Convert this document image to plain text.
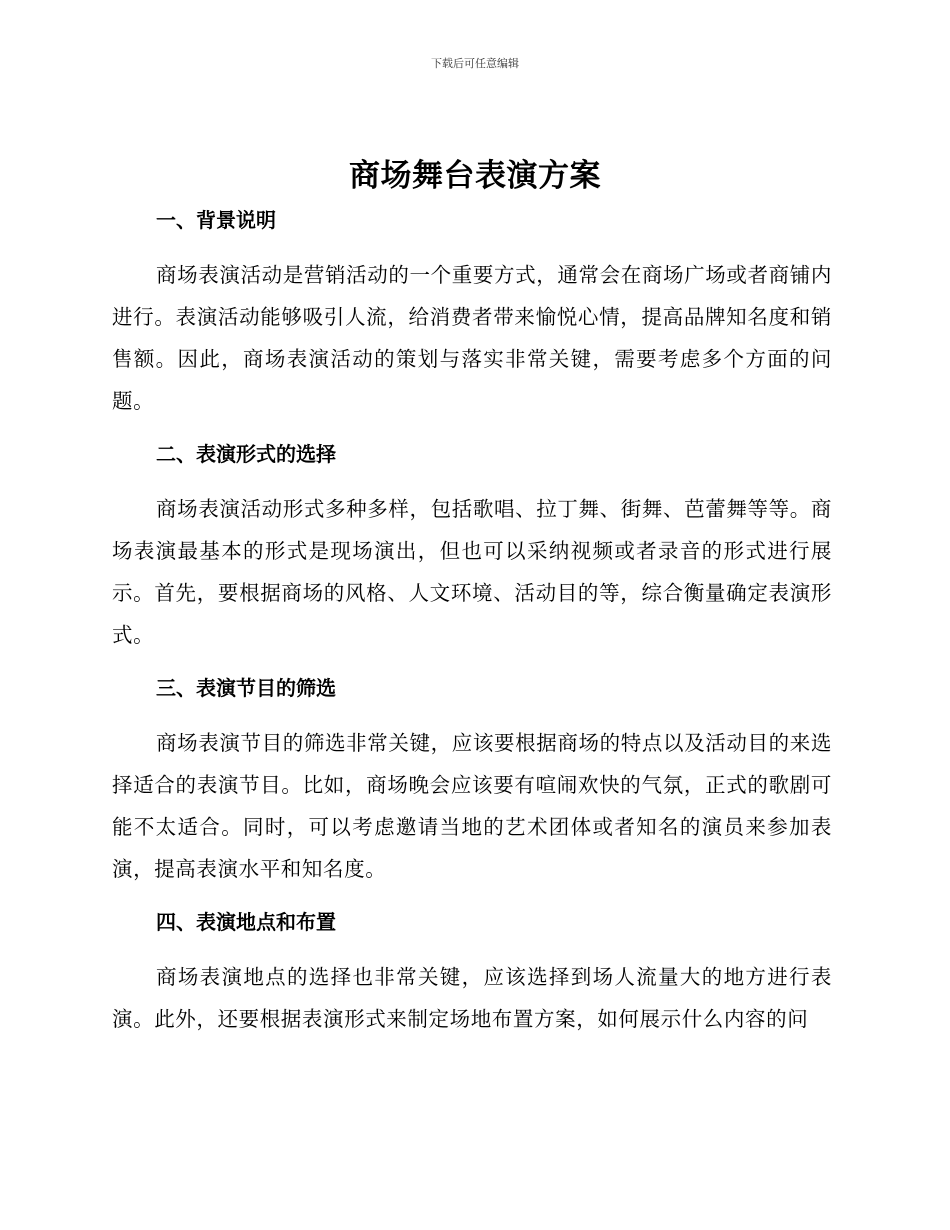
下载后可任意编辑
商场舞台表演方案
一、背景说明

商场表演活动是营销活动的一个重要方式，通常会在商场广场或者商铺内进行。表演活动能够吸引人流，给消费者带来愉悦心情，提高品牌知名度和销售额。因此，商场表演活动的策划与落实非常关键，需要考虑多个方面的问题。

二、表演形式的选择

商场表演活动形式多种多样，包括歌唱、拉丁舞、街舞、芭蕾舞等等。商场表演最基本的形式是现场演出，但也可以采纳视频或者录音的形式进行展示。首先，要根据商场的风格、人文环境、活动目的等，综合衡量确定表演形式。

三、表演节目的筛选

商场表演节目的筛选非常关键，应该要根据商场的特点以及活动目的来选择适合的表演节目。比如，商场晚会应该要有喧闹欢快的气氛，正式的歌剧可能不太适合。同时，可以考虑邀请当地的艺术团体或者知名的演员来参加表演，提高表演水平和知名度。

四、表演地点和布置

商场表演地点的选择也非常关键，应该选择到场人流量大的地方进行表演。此外，还要根据表演形式来制定场地布置方案，如何展示什么内容的问
